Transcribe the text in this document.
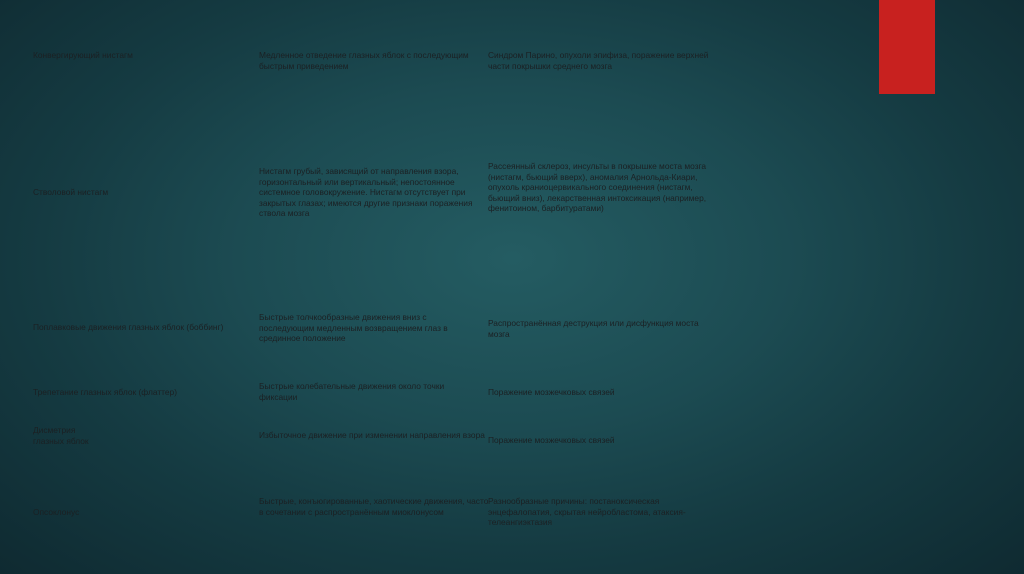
Конвергирующий нистагм	Медленное отведение глазных яблок с последующим быстрым приведением
Синдром Парино, опухоли эпифиза, поражение верхней части покрышки среднего мозга
Стволовой нистагм
Нистагм грубый, зависящий от направления взора, горизонтальный или вертикальный; непостоянное системное головокружение. Нистагм отсутствует при закрытых глазах; имеются другие признаки поражения ствола мозга
Рассеянный склероз, инсульты в покрышке моста мозга (нистагм, бьющий вверх), аномалия Арнольда-Киари, опухоль краниоцервикального соединения (нистагм, бьющий вниз), лекарственная интоксикация (например, фенитоином, барбитуратами)
Поплавковые движения глазных яблок (боббинг)
Быстрые толчкообразные движения вниз с последующим медленным возвращением глаз в срединное положение
Распространённая деструкция или дисфункция моста мозга
Трепетание глазных яблок (флаттер)
Быстрые колебательные движения около точки фиксации	Поражение мозжечковых связей
Дисметрия глазных яблок
Избыточное движение при изменении направления взора Поражение мозжечковых связей
Опсоклонус
Быстрые, конъюгированные, хаотические движения, часто в сочетании с распространённым миоклонусом
Разнообразные причины: постаноксическая энцефалопатия, скрытая нейробластома, атаксия-телеангиэктазия
